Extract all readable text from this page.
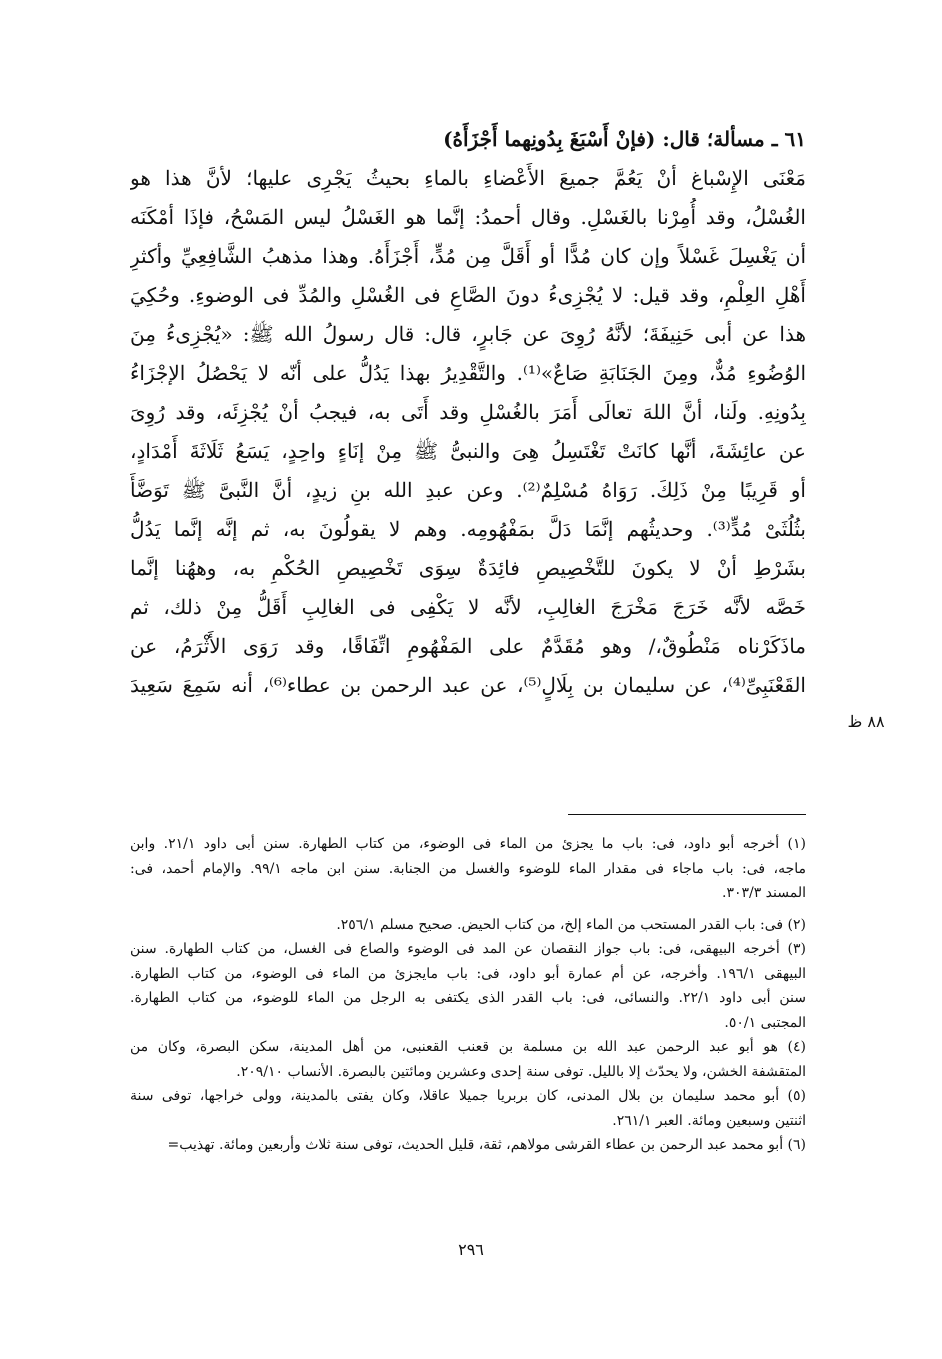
٦١ ـ مسألة؛ قال: (فإنْ أَسْبَغَ بِدُونِهما أَجْزَأَهُ)
مَعْنَى الإِسْباغ أنْ يَعُمَّ جميعَ الأَعْضاءِ بالماءِ بحيثُ يَجْرِى عليها؛ لأنَّ هذا هو
الغُسْلُ، وقد أُمِرْنا بالغَسْلِ. وقال أحمدُ: إنَّما هو الغَسْلُ ليس المَسْحُ، فإذَا أمْكَنَه
أن يَغْسِلَ غَسْلاً وإن كان مُدًّا أو أَقَلَّ مِن مُدٍّ، أَجْزَأَهُ. وهذا مذهبُ الشَّافِعِيِّ وأكثرِ
أَهْلِ العِلْمِ، وقد قيل: لا يُجْزِىءُ دونَ الصَّاعِ فى الغُسْلِ والمُدِّ فى الوضوءِ. وحُكِيَ
هذا عن أبى حَنِيفَةَ؛ لأنَّهُ رُوِىَ عن جَابرٍ، قال: قال رسولُ الله ﷺ: «يُجْزِىءُ مِنَ
الوُضُوءِ مُدٌّ، ومِنَ الجَنَابَةِ صَاعٌ»⁽¹⁾. والتَّقْدِيرُ بهذا يَدُلُّ على أنّه لا يَحْصُلُ الإجْزَاءُ
بِدُونِهِ. ولَنا، أنَّ اللهَ تعالَى أَمَرَ بالغُسْلِ وقد أَتَى به، فيجبُ أنْ يُجْزِئَه، وقد رُوِىَ
عن عائِشَةَ، أنَّها كانَتْ تَغْتَسِلُ هِىَ والنبىُّ ﷺ مِنْ إنَاءٍ واحِدٍ، يَسَعُ ثَلَاثَةَ أَمْدَادٍ،
أو قَرِيبًا مِنْ ذَلِكَ. رَوَاهُ مُسْلِمٌ⁽²⁾. وعن عبدِ الله بنِ زيدٍ، أنَّ النَّبىَّ ﷺ تَوَضَّأَ
بثُلُثَىْ مُدٍّ⁽³⁾. وحديثُهم إنَّمَا دَلَّ بمَفْهُومِه. وهم لا يقولُونَ به، ثم إنَّه إنَّما يَدُلُّ
بشَرْطِ أنْ لا يكونَ للتَّخْصِيصِ فائِدَةٌ سِوَى تَخْصِيصِ الحُكْمِ به، وههُنا إنَّما
خَصَّه لأنَّه خَرَجَ مَخْرَجَ الغالِبِ، لأنَّه لا يَكْفِى فى الغالِبِ أَقَلُّ مِنْ ذلك، ثم
ماذَكَرْناه مَنْطُوقٌ،/ وهو مُقَدَّمٌ على المَفْهُومِ اتِّفَاقًا، وقد رَوَى الأَثْرَمُ، عن
القَعْنَبِىِّ⁽⁴⁾، عن سليمان بن بِلَالٍ⁽⁵⁾، عن عبد الرحمن بن عطاء⁽⁶⁾، أنه سَمِعَ سَعِيدَ
٨٨ ظ
(١) أخرجه أبو داود، فى: باب ما يجزئ من الماء فى الوضوء، من كتاب الطهارة. سنن أبى داود ٢١/١. وابن
ماجه، فى: باب ماجاء فى مقدار الماء للوضوء والغسل من الجنابة. سنن ابن ماجه ٩٩/١. والإمام أحمد، فى:
المسند ٣٠٣/٣.
(٢) فى: باب القدر المستحب من الماء إلخ، من كتاب الحيض. صحيح مسلم ٢٥٦/١.
(٣) أخرجه البيهقى، فى: باب جواز النقصان عن المد فى الوضوء والصاع فى الغسل، من كتاب الطهارة. سنن
البيهقى ١٩٦/١. وأخرجه، عن أم عمارة أبو داود، فى: باب مايجزئ من الماء فى الوضوء، من كتاب الطهارة.
سنن أبى داود ٢٢/١. والنسائى، فى: باب القدر الذى يكتفى به الرجل من الماء للوضوء، من كتاب الطهارة.
المجتبى ٥٠/١.
(٤) هو أبو عبد الرحمن عبد الله بن مسلمة بن قعنب القعنبى، من أهل المدينة، سكن البصرة، وكان من
المتقشفة الخشن، ولا يحدّث إلا بالليل. توفى سنة إحدى وعشرين ومائتين بالبصرة. الأنساب ٢٠٩/١٠.
(٥) أبو محمد سليمان بن بلال المدنى، كان بربريا جميلا عاقلا، وكان يفتى بالمدينة، وولى خراجها، توفى سنة
اثنتين وسبعين ومائة. العبر ٢٦١/١.
(٦) أبو محمد عبد الرحمن بن عطاء القرشى مولاهم، ثقة، قليل الحديث، توفى سنة ثلاث وأربعين ومائة. تهذيب=
٢٩٦
